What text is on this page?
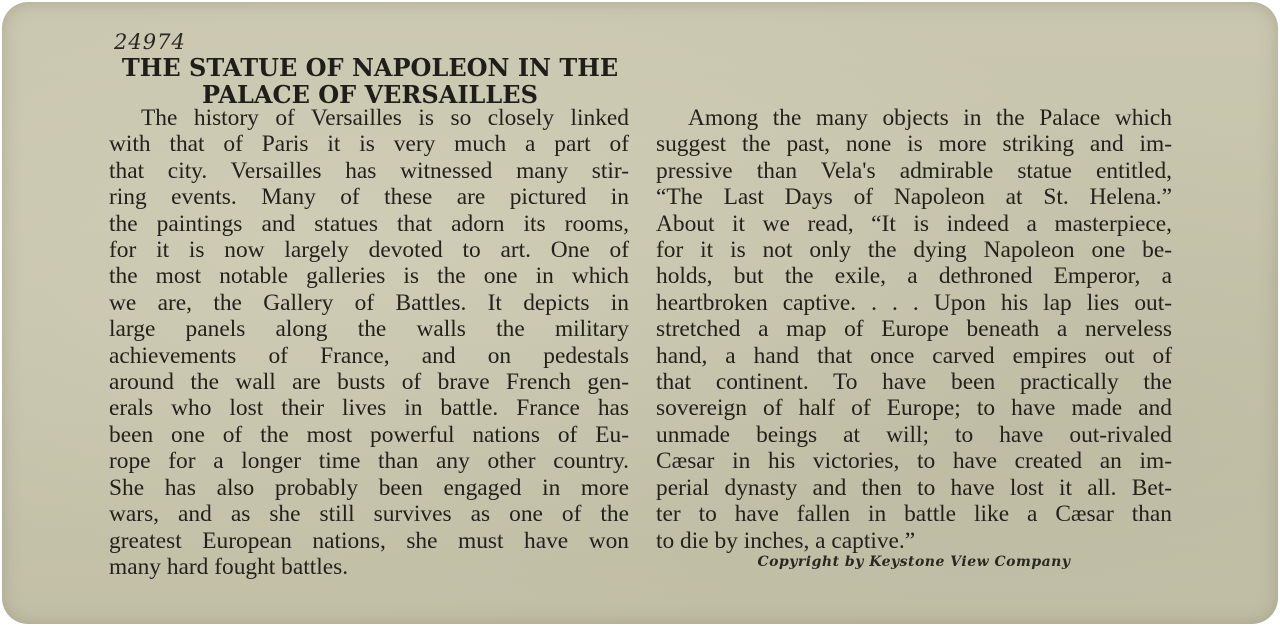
24974
THE STATUE OF NAPOLEON IN THE
PALACE OF VERSAILLES
The history of Versailles is so closely linked
with that of Paris it is very much a part of
that city. Versailles has witnessed many stir-
ring events. Many of these are pictured in
the paintings and statues that adorn its rooms,
for it is now largely devoted to art. One of
the most notable galleries is the one in which
we are, the Gallery of Battles. It depicts in
large panels along the walls the military
achievements of France, and on pedestals
around the wall are busts of brave French gen-
erals who lost their lives in battle. France has
been one of the most powerful nations of Eu-
rope for a longer time than any other country.
She has also probably been engaged in more
wars, and as she still survives as one of the
greatest European nations, she must have won
many hard fought battles.
Among the many objects in the Palace which
suggest the past, none is more striking and im-
pressive than Vela's admirable statue entitled,
“The Last Days of Napoleon at St. Helena.”
About it we read, “It is indeed a masterpiece,
for it is not only the dying Napoleon one be-
holds, but the exile, a dethroned Emperor, a
heartbroken captive. . . . Upon his lap lies out-
stretched a map of Europe beneath a nerveless
hand, a hand that once carved empires out of
that continent. To have been practically the
sovereign of half of Europe; to have made and
unmade beings at will; to have out-rivaled
Cæsar in his victories, to have created an im-
perial dynasty and then to have lost it all. Bet-
ter to have fallen in battle like a Cæsar than
to die by inches, a captive.”
Copyright by Keystone View Company
